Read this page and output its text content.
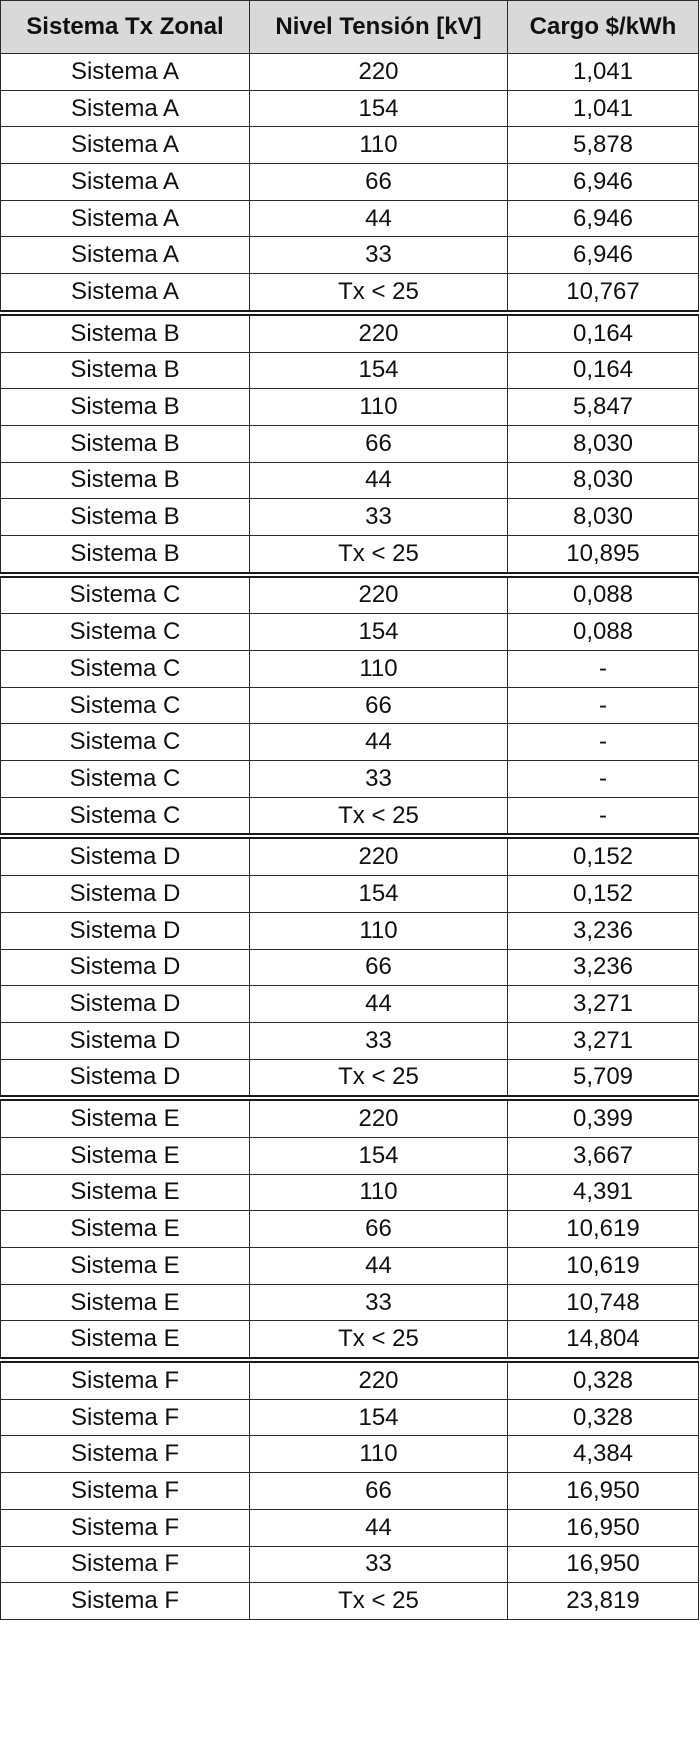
Sistema Tx Zonal	Nivel Tensión [kV]	Cargo $/kWh
Sistema A	220	1,041
Sistema A	154	1,041
Sistema A	110	5,878
Sistema A	66	6,946
Sistema A	44	6,946
Sistema A	33	6,946
Sistema A	Tx < 25	10,767
Sistema B	220	0,164
Sistema B	154	0,164
Sistema B	110	5,847
Sistema B	66	8,030
Sistema B	44	8,030
Sistema B	33	8,030
Sistema B	Tx < 25	10,895
Sistema C	220	0,088
Sistema C	154	0,088
Sistema C	110	-
Sistema C	66	-
Sistema C	44	-
Sistema C	33	-
Sistema C	Tx < 25	-
Sistema D	220	0,152
Sistema D	154	0,152
Sistema D	110	3,236
Sistema D	66	3,236
Sistema D	44	3,271
Sistema D	33	3,271
Sistema D	Tx < 25	5,709
Sistema E	220	0,399
Sistema E	154	3,667
Sistema E	110	4,391
Sistema E	66	10,619
Sistema E	44	10,619
Sistema E	33	10,748
Sistema E	Tx < 25	14,804
Sistema F	220	0,328
Sistema F	154	0,328
Sistema F	110	4,384
Sistema F	66	16,950
Sistema F	44	16,950
Sistema F	33	16,950
Sistema F	Tx < 25	23,819
